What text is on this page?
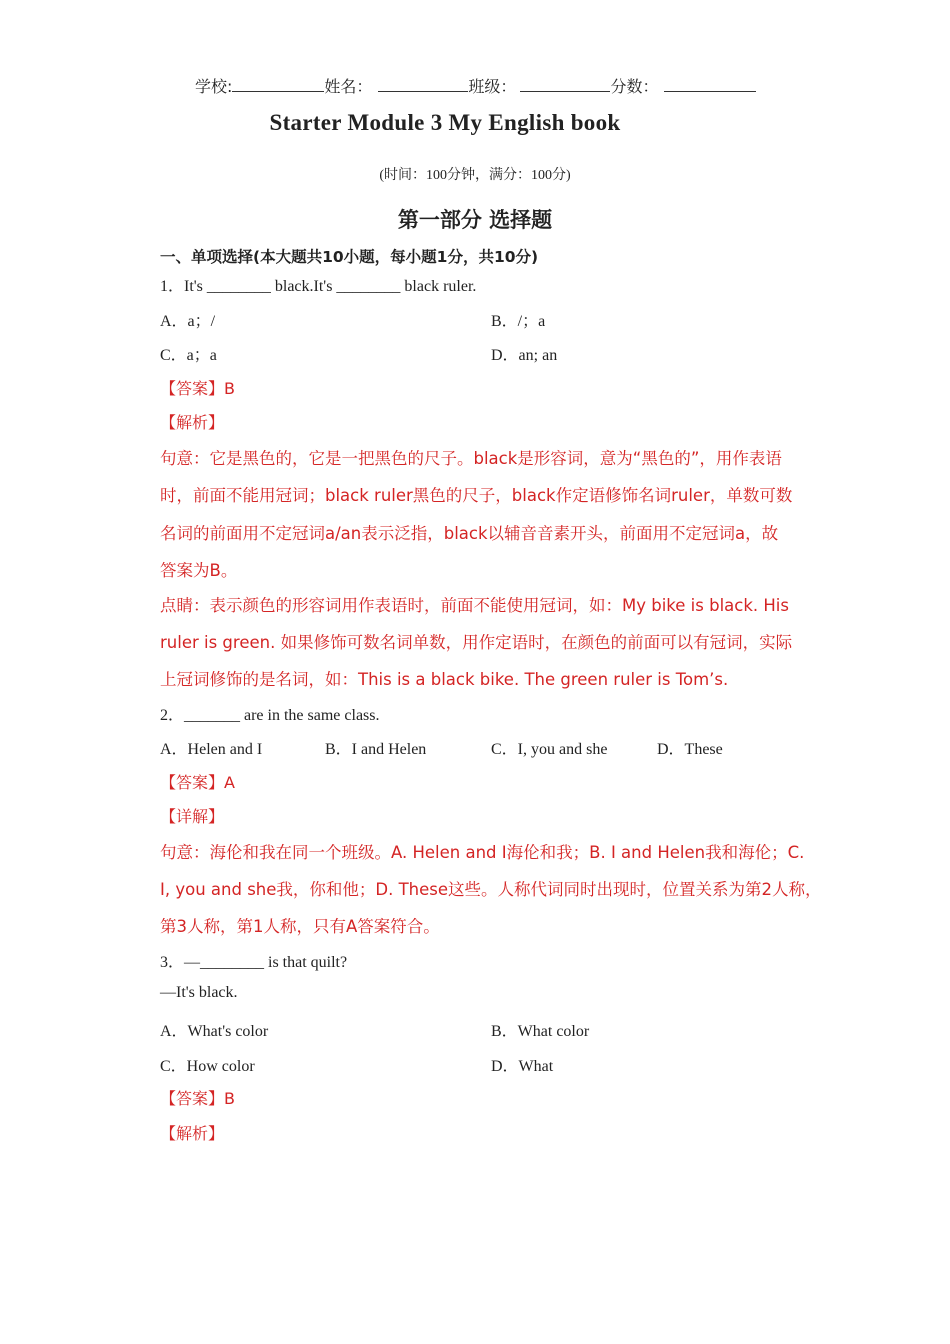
学校:	姓名：	班级：	分数：
Starter Module 3 My English book
(时间：100分钟，满分：100分)
第一部分 选择题
一、单项选择(本大题共10小题，每小题1分，共10分)
1．It's ________ black.It's ________ black ruler.
A．a；/	B．/；a
C．a；a	D．an; an
【答案】B
【解析】
句意：它是黑色的，它是一把黑色的尺子。black是形容词，意为“黑色的”，用作表语
时，前面不能用冠词；black ruler黑色的尺子，black作定语修饰名词ruler，单数可数
名词的前面用不定冠词a/an表示泛指，black以辅音音素开头，前面用不定冠词a，故
答案为B。
点睛：表示颜色的形容词用作表语时，前面不能使用冠词，如：My bike is black. His
ruler is green. 如果修饰可数名词单数，用作定语时，在颜色的前面可以有冠词，实际
上冠词修饰的是名词，如：This is a black bike. The green ruler is Tom’s.
2．_______ are in the same class.
A．Helen and I	B．I and Helen	C．I, you and she	D．These
【答案】A
【详解】
句意：海伦和我在同一个班级。A. Helen and I海伦和我；B. I and Helen我和海伦；C.
I, you and she我，你和他；D. These这些。人称代词同时出现时，位置关系为第2人称，
第3人称，第1人称，只有A答案符合。
3．—________ is that quilt?
—It's black.
A．What's color	B．What color
C．How color	D．What
【答案】B
【解析】
